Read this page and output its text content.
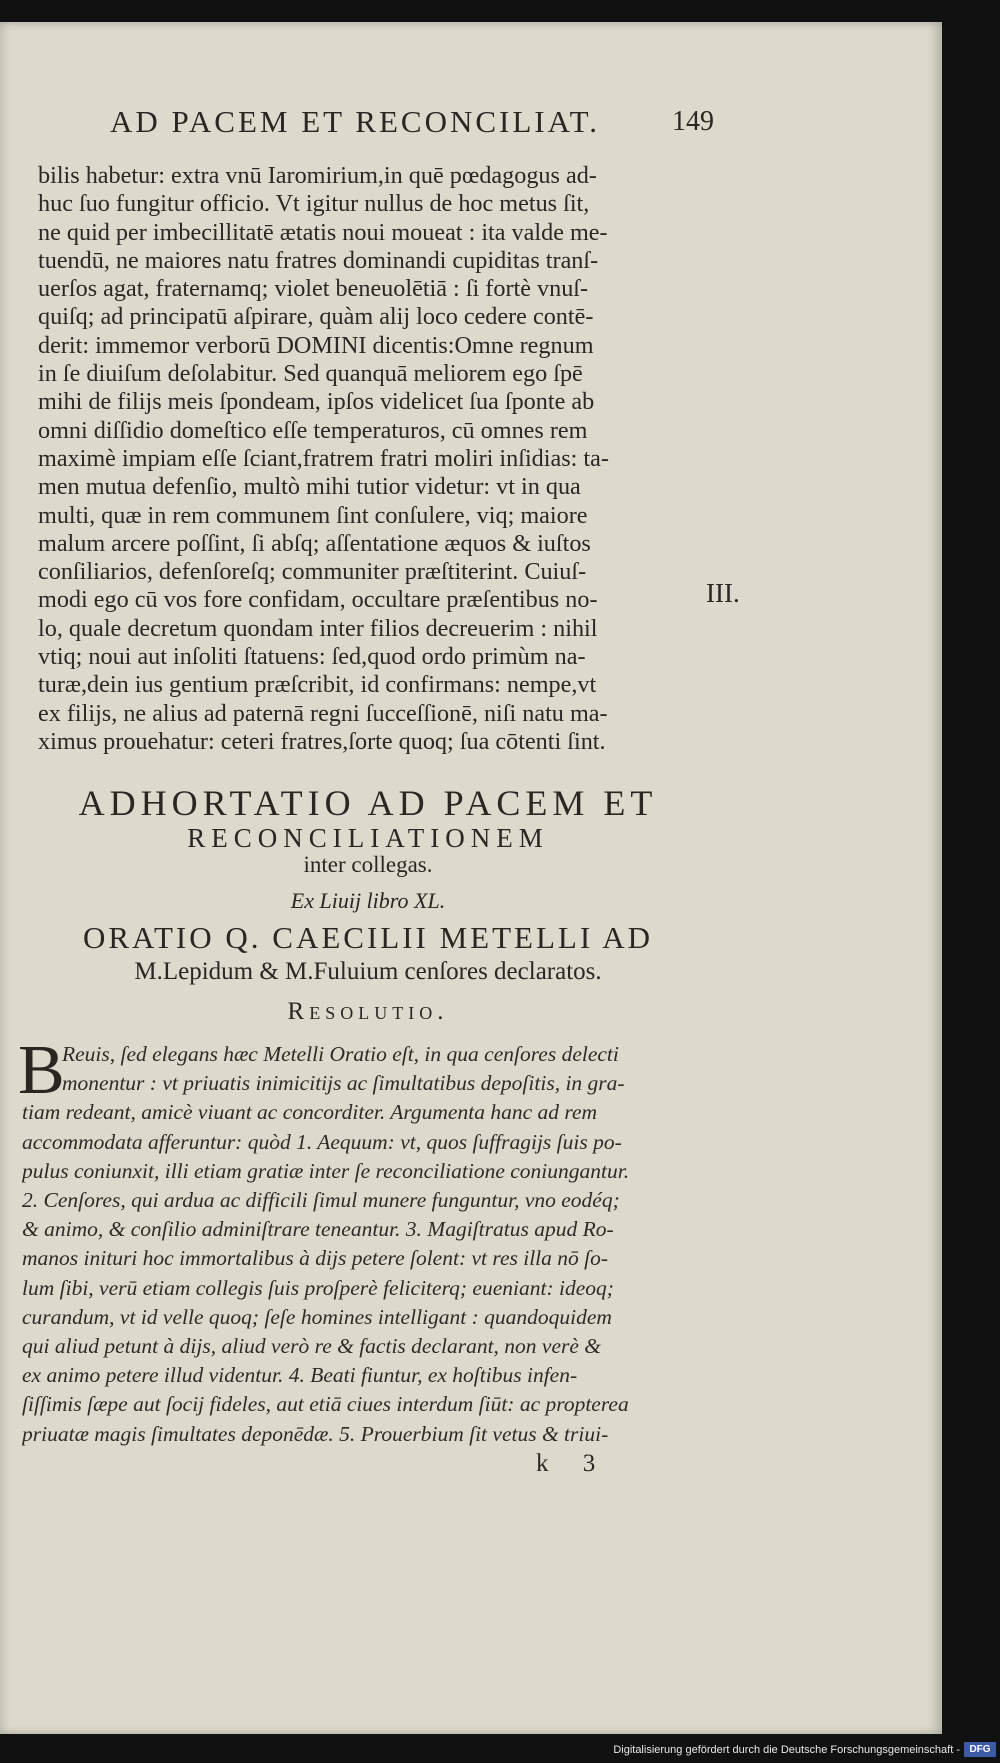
AD PACEM ET RECONCILIAT.	149
bilis habetur: extra vnū Iaromirium,in quē pœdagogus ad-
huc ſuo fungitur officio. Vt igitur nullus de hoc metus ſit,
ne quid per imbecillitatē ætatis noui moueat : ita valde me-
tuendū, ne maiores natu fratres dominandi cupiditas tranſ-
uerſos agat, fraternamq; violet beneuolētiā : ſi fortè vnuſ-
quiſq; ad principatū aſpirare, quàm alij loco cedere contē-
derit: immemor verborū DOMINI dicentis:Omne regnum
in ſe diuiſum deſolabitur. Sed quanquā meliorem ego ſpē
mihi de filijs meis ſpondeam, ipſos videlicet ſua ſponte ab
omni diſſidio domeſtico eſſe temperaturos, cū omnes rem
maximè impiam eſſe ſciant,fratrem fratri moliri inſidias: ta-
men mutua defenſio, multò mihi tutior videtur: vt in qua
multi, quæ in rem communem ſint conſulere, viq; maiore
malum arcere poſſint, ſi abſq; aſſentatione æquos & iuſtos
conſiliarios, defenſoreſq; communiter præſtiterint. Cuiuſ-
modi ego cū vos fore confidam, occultare præſentibus no-
lo, quale decretum quondam inter filios decreuerim : nihil
vtiq; noui aut inſoliti ſtatuens: ſed,quod ordo primùm na-
turæ,dein ius gentium præſcribit, id confirmans: nempe,vt
ex filijs, ne alius ad paternā regni ſucceſſionē, niſi natu ma-
ximus prouehatur: ceteri fratres,ſorte quoq; ſua cōtenti ſint.
III.
ADHORTATIO AD PACEM ET
RECONCILIATIONEM
inter collegas.
Ex Liuij libro XL.
ORATIO Q. CAECILII METELLI AD
M.Lepidum & M.Fuluium cenſores declaratos.
Resolutio.
B
Reuis, ſed elegans hæc Metelli Oratio eſt, in qua cenſores delecti
monentur : vt priuatis inimicitijs ac ſimultatibus depoſitis, in gra-
tiam redeant, amicè viuant ac concorditer. Argumenta hanc ad rem
accommodata afferuntur: quòd 1. Aequum: vt, quos ſuffragijs ſuis po-
pulus coniunxit, illi etiam gratiæ inter ſe reconciliatione coniungantur.
2. Cenſores, qui ardua ac difficili ſimul munere funguntur, vno eodéq;
& animo, & conſilio adminiſtrare teneantur. 3. Magiſtratus apud Ro-
manos inituri hoc immortalibus à dijs petere ſolent: vt res illa nō ſo-
lum ſibi, verū etiam collegis ſuis proſperè feliciterq; eueniant: ideoq;
curandum, vt id velle quoq; ſeſe homines intelligant : quandoquidem
qui aliud petunt à dijs, aliud verò re & factis declarant, non verè &
ex animo petere illud videntur. 4. Beati fiuntur, ex hoſtibus infen-
ſiſſimis ſæpe aut ſocij fideles, aut etiā ciues interdum ſiūt: ac propterea
priuatæ magis ſimultates deponēdæ. 5. Prouerbium ſit vetus & triui-
k 3
Digitalisierung gefördert durch die Deutsche Forschungsgemeinschaft - DFG
